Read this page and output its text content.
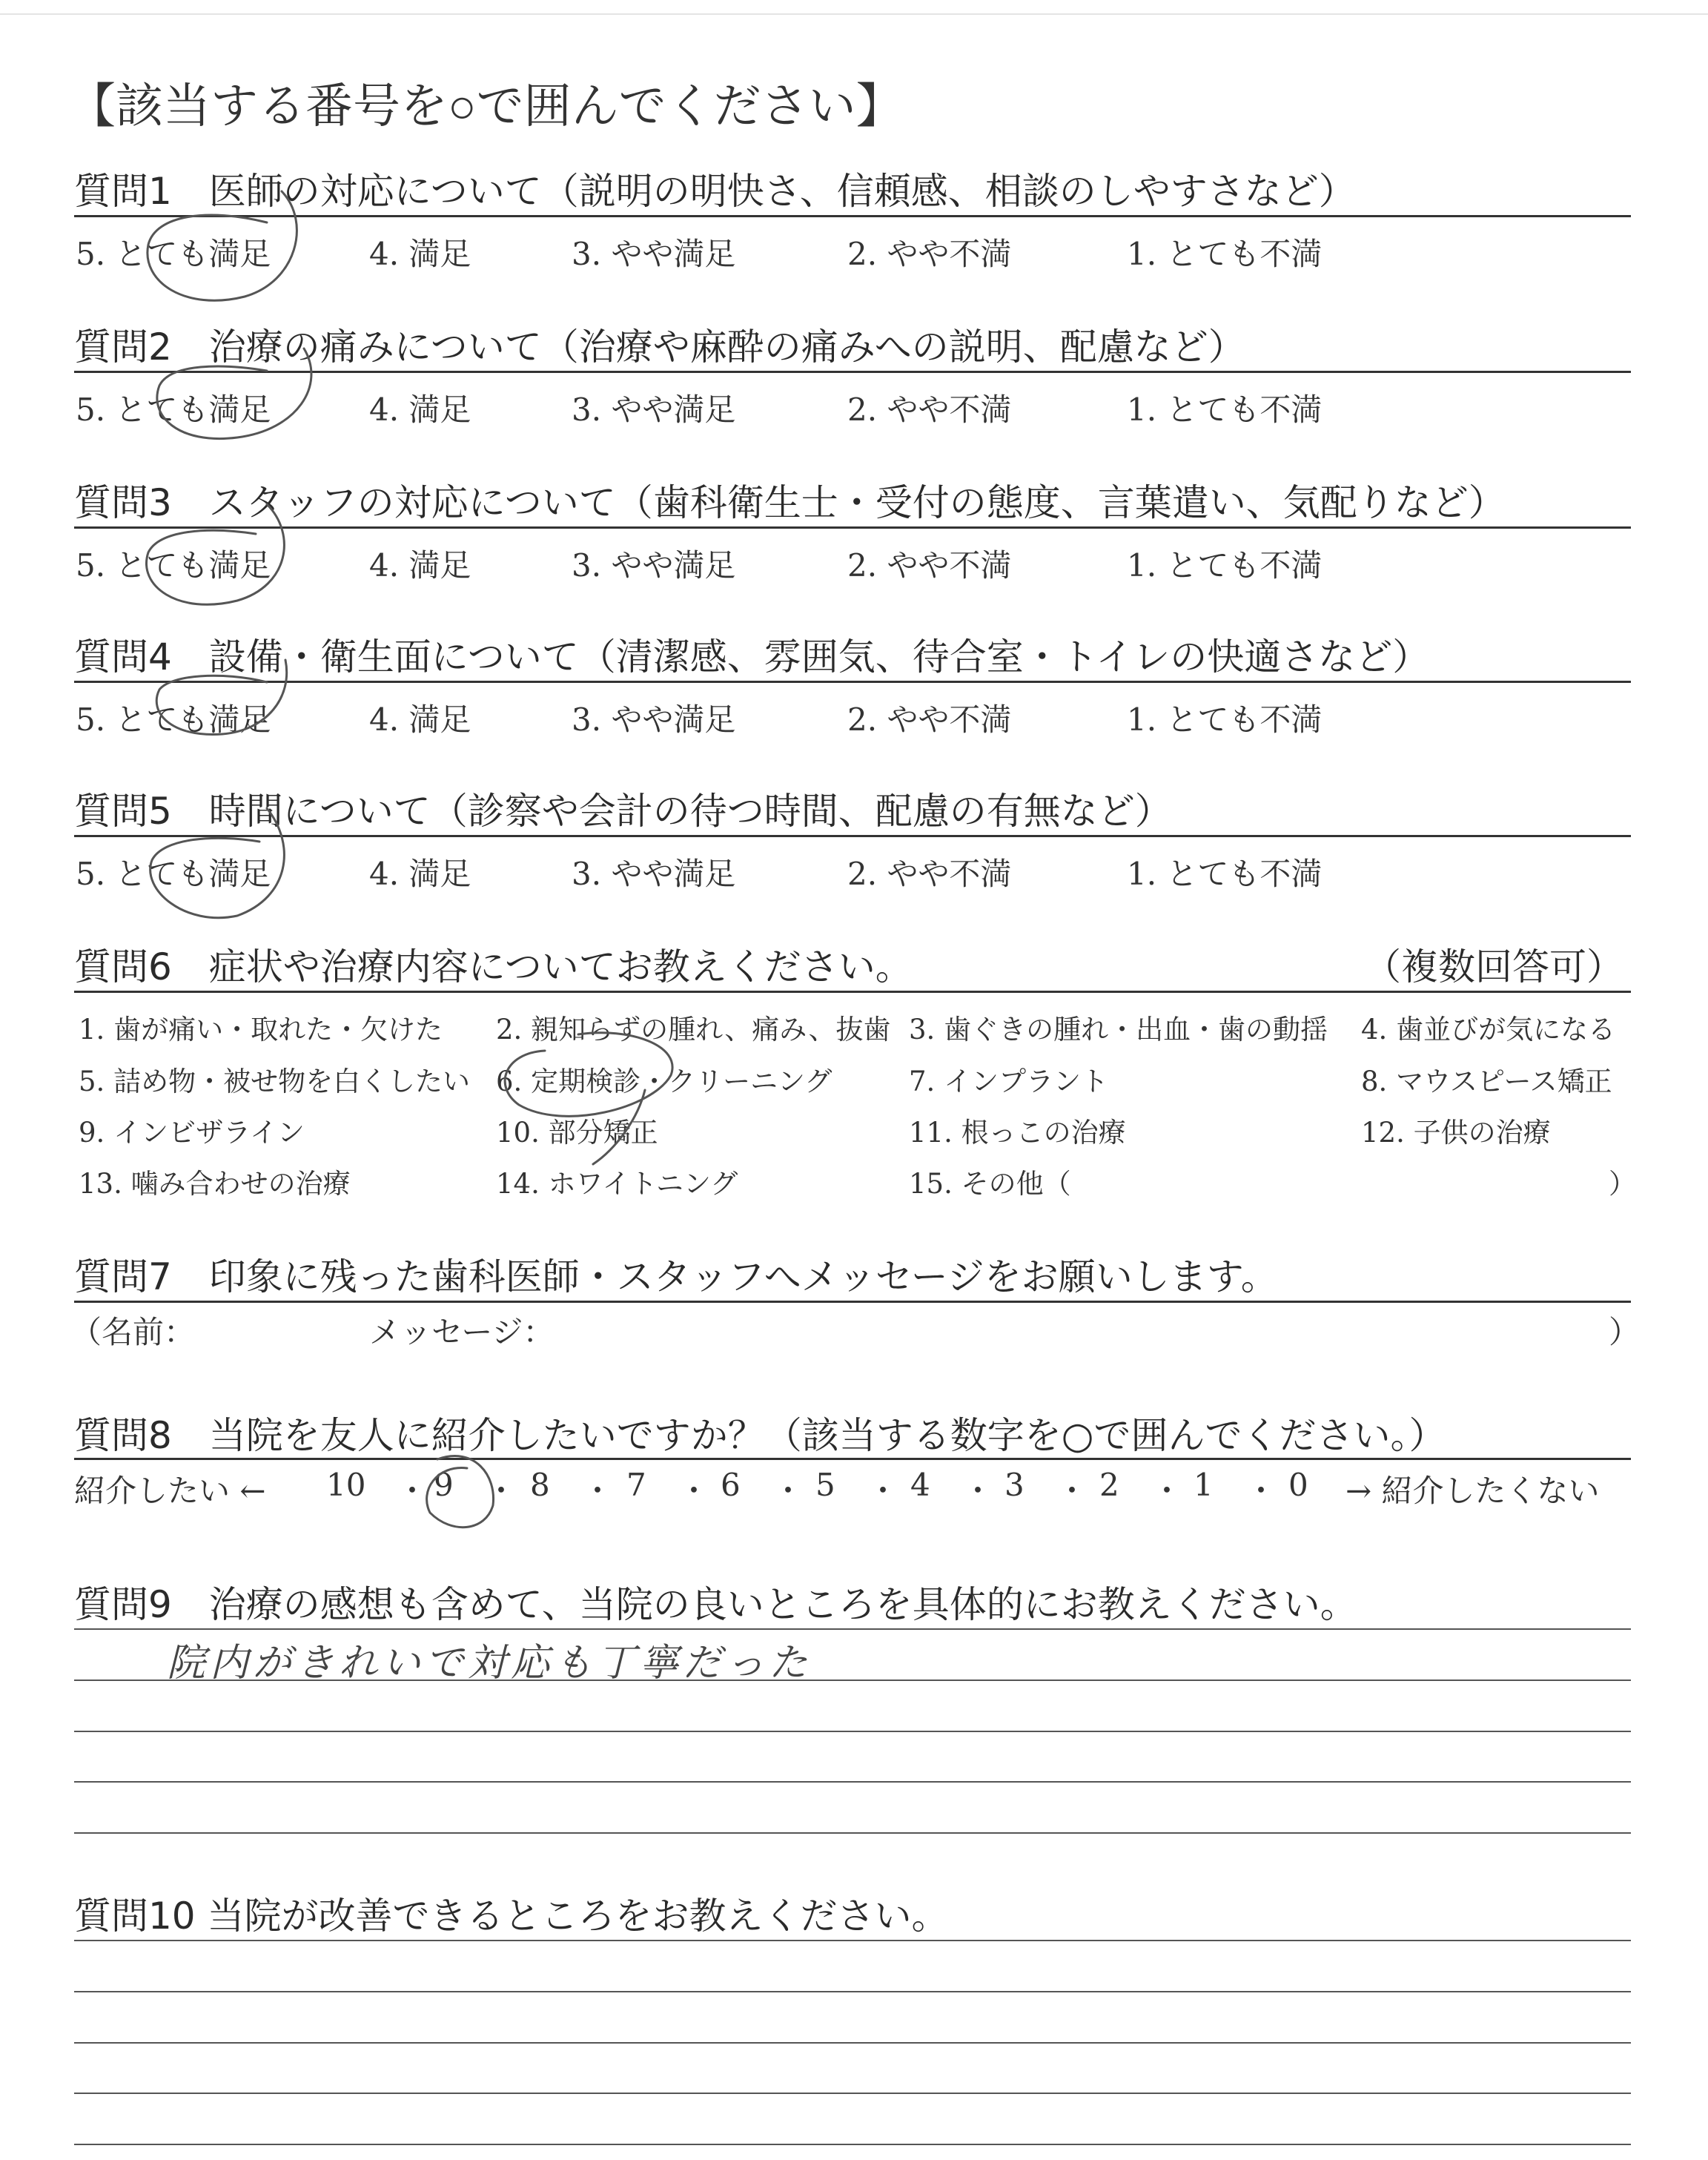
【該当する番号を○で囲んでください】
質問1　医師の対応について（説明の明快さ、信頼感、相談のしやすさなど）
5. とても満足	4. 満足	3. やや満足	2. やや不満	1. とても不満
質問2　治療の痛みについて（治療や麻酔の痛みへの説明、配慮など）
5. とても満足	4. 満足	3. やや満足	2. やや不満	1. とても不満
質問3　スタッフの対応について（歯科衛生士・受付の態度、言葉遣い、気配りなど）
5. とても満足	4. 満足	3. やや満足	2. やや不満	1. とても不満
質問4　設備・衛生面について（清潔感、雰囲気、待合室・トイレの快適さなど）
5. とても満足	4. 満足	3. やや満足	2. やや不満	1. とても不満
質問5　時間について（診察や会計の待つ時間、配慮の有無など）
5. とても満足	4. 満足	3. やや満足	2. やや不満	1. とても不満
質問6　症状や治療内容についてお教えください。	（複数回答可）
1. 歯が痛い・取れた・欠けた 2. 親知らずの腫れ、痛み、抜歯 3. 歯ぐきの腫れ・出血・歯の動揺 4. 歯並びが気になる
5. 詰め物・被せ物を白くしたい 6. 定期検診・クリーニング	7. インプラント	8. マウスピース矯正
9. インビザライン	10. 部分矯正	11. 根っこの治療	12. 子供の治療
13. 噛み合わせの治療	14. ホワイトニング	15. その他（	）
質問7　印象に残った歯科医師・スタッフへメッセージをお願いします。
（名前：	メッセージ：	）
質問8　当院を友人に紹介したいですか？（該当する数字を○で囲んでください。）
紹介したい ← 10 ・ 9 ・ 8 ・ 7 ・ 6 ・ 5 ・ 4 ・ 3 ・ 2 ・ 1 ・ 0 → 紹介したくない
質問9　治療の感想も含めて、当院の良いところを具体的にお教えください。
院内がきれいで対応も丁寧だった
質問10 当院が改善できるところをお教えください。
